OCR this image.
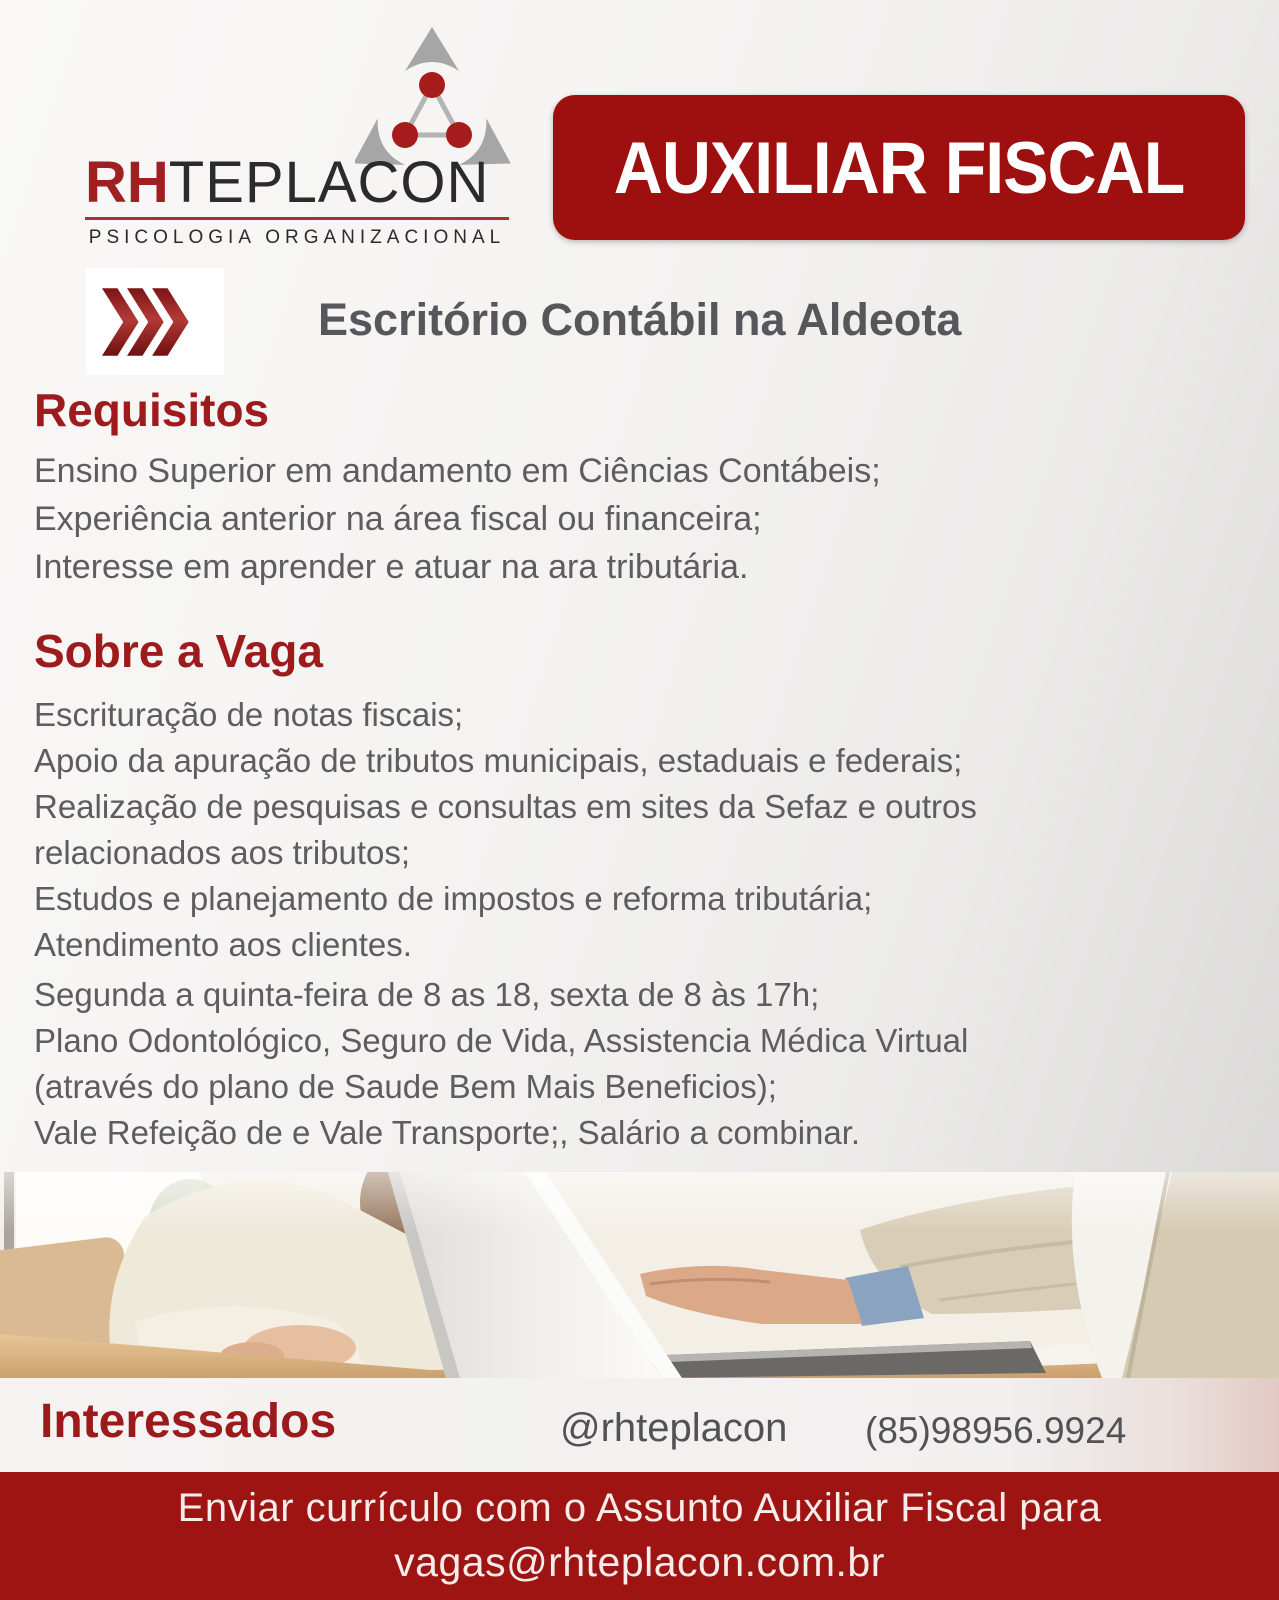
RHTEPLACON
PSICOLOGIA ORGANIZACIONAL
AUXILIAR FISCAL
Escritório Contábil na Aldeota
Requisitos

Ensino Superior em andamento em Ciências Contábeis;

Experiência anterior na área fiscal ou financeira;

Interesse em aprender e atuar na ara tributária.

Sobre a Vaga

Escrituração de notas fiscais;

Apoio da apuração de tributos municipais, estaduais e federais;

Realização de pesquisas e consultas em sites da Sefaz e outros

relacionados aos tributos;

Estudos e planejamento de impostos e reforma tributária;

Atendimento aos clientes.

Segunda a quinta-feira de 8 as 18, sexta de 8 às 17h;

Plano Odontológico, Seguro de Vida, Assistencia Médica Virtual

(através do plano de Saude Bem Mais Beneficios);

Vale Refeição de e Vale Transporte;, Salário a combinar.

Interessados	@rhteplacon (85)98956.9924
Enviar currículo com o Assunto Auxiliar Fiscal para
vagas@rhteplacon.com.br
